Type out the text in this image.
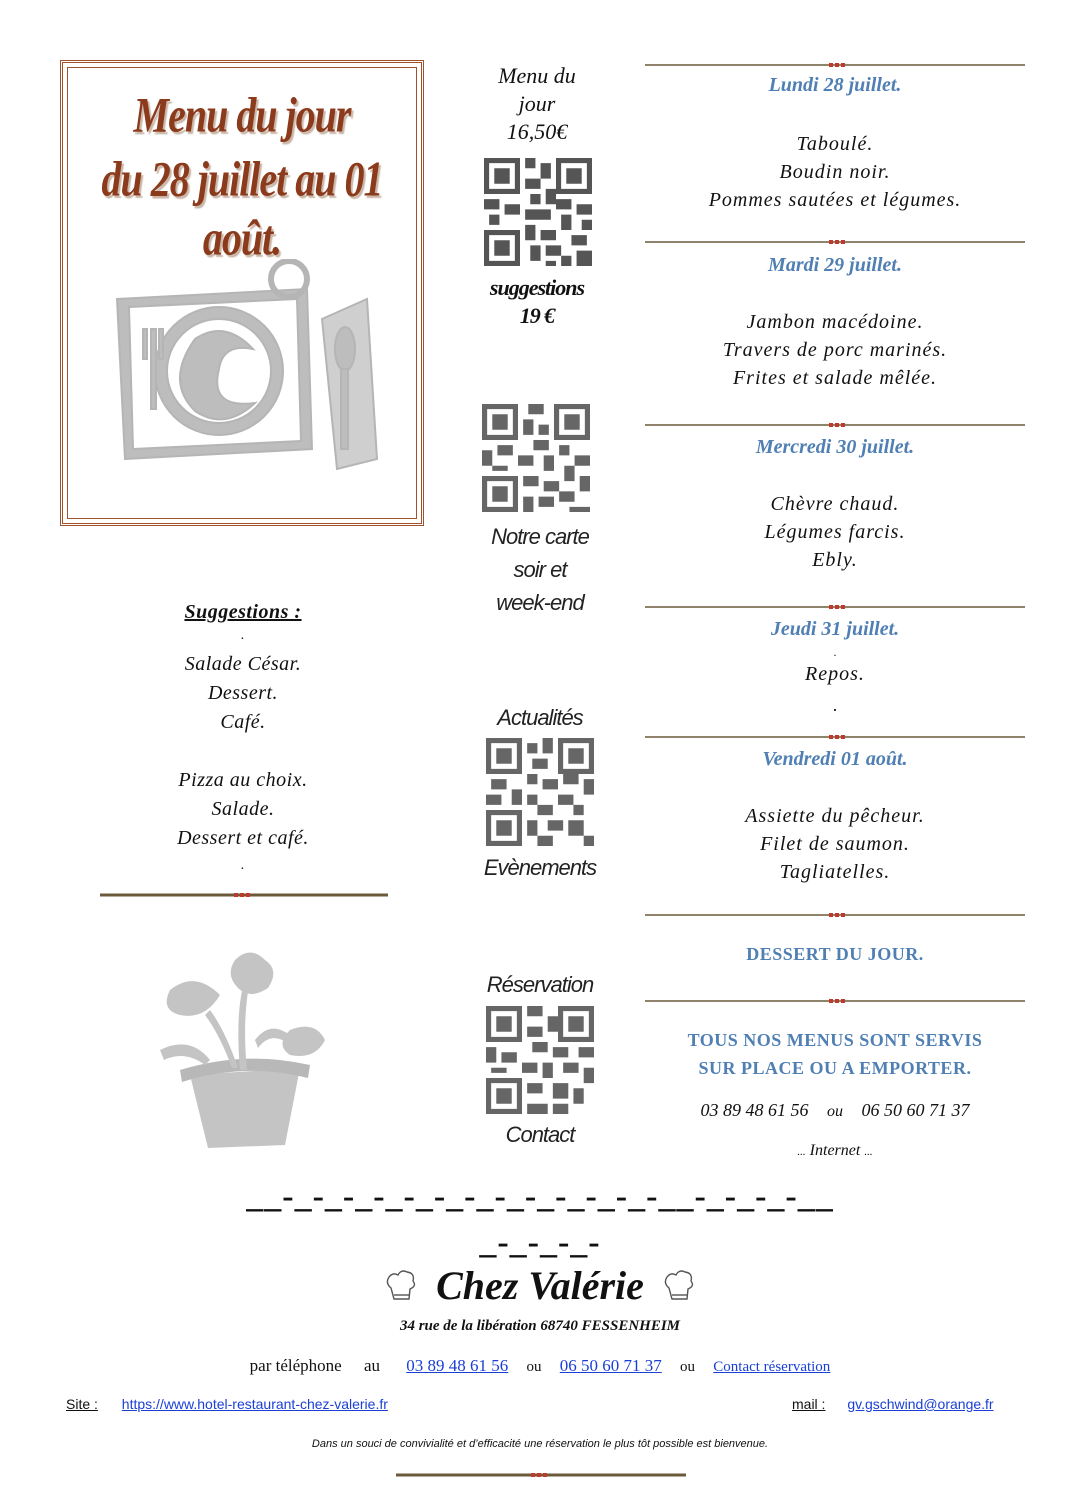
Menu du jour
du 28 juillet au 01 août.
Menu du
jour
16,50€
suggestions
19 €
Notre carte
soir et
week-end
Actualités
Evènements
Réservation
Contact
Lundi 28 juillet.
Taboulé.
Boudin noir.
Pommes sautées et légumes.
Mardi 29 juillet.
Jambon macédoine.
Travers de porc marinés.
Frites et salade mêlée.
Mercredi 30 juillet.
Chèvre chaud.
Légumes farcis.
Ebly.
Jeudi 31 juillet.
.
Repos.
.
Vendredi 01 août.
Assiette du pêcheur.
Filet de saumon.
Tagliatelles.
DESSERT DU JOUR.
TOUS NOS MENUS SONT SERVIS
SUR PLACE OU A EMPORTER.
03 89 48 61 56 ou 06 50 60 71 37
... Internet ...
Suggestions :
.
Salade César.
Dessert.
Café.
Pizza au choix.
Salade.
Dessert et café.
.
__-_-_-_-_-_-_-_-_-_-_-_-_-__-_-_-_-__
_-_-_-_-
Chez Valérie
34 rue de la libération 68740 FESSENHEIM
par téléphone au 03 89 48 61 56 ou 06 50 60 71 37 ou Contact réservation
Site : https://www.hotel-restaurant-chez-valerie.fr	mail : gv.gschwind@orange.fr
Dans un souci de convivialité et d’efficacité une réservation le plus tôt possible est bienvenue.
